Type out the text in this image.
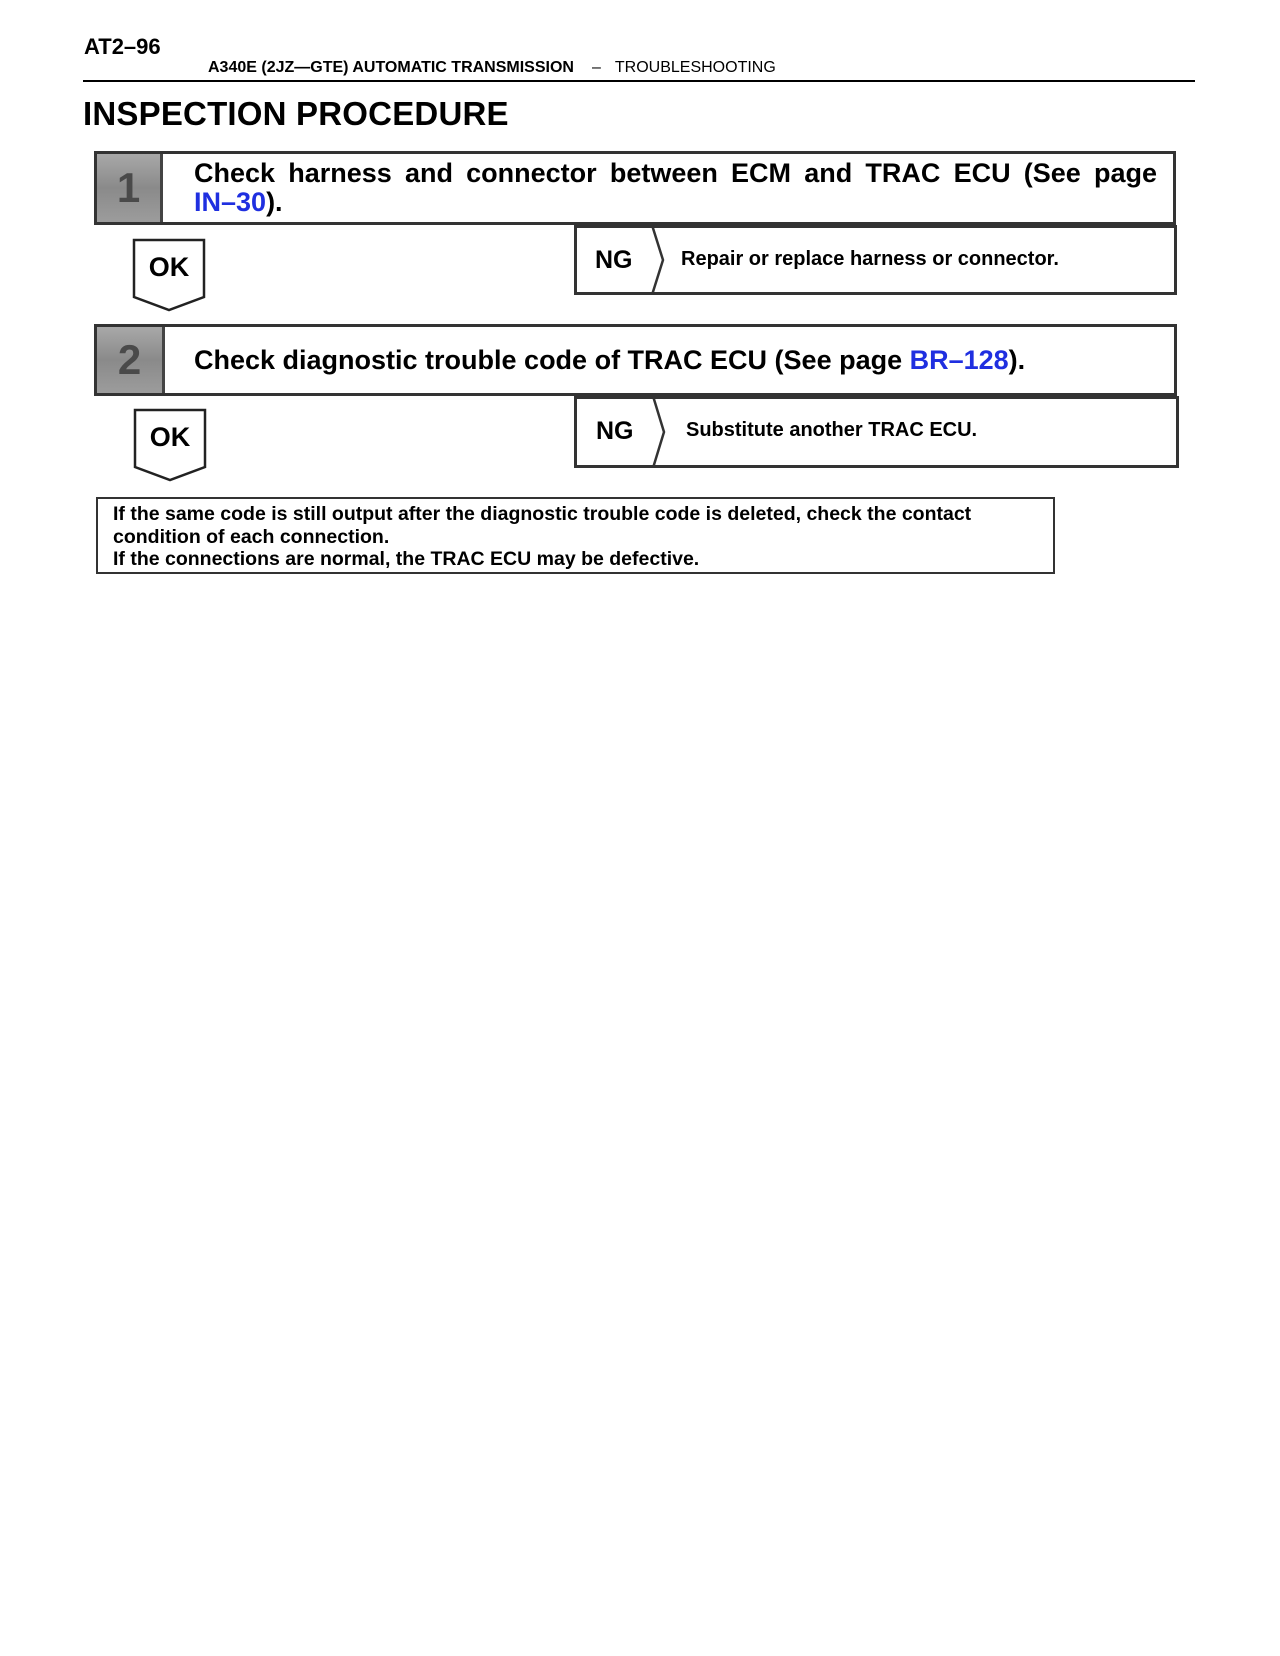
AT2–96
A340E (2JZ—GTE) AUTOMATIC TRANSMISSION – TROUBLESHOOTING
INSPECTION PROCEDURE
1	Check harness and connector between ECM and TRAC ECU (See page
IN–30).
OK	NG Repair or replace harness or connector.
2	Check diagnostic trouble code of TRAC ECU (See page BR–128).
OK	NG	Substitute another TRAC ECU.
If the same code is still output after the diagnostic trouble code is deleted, check the contact
condition of each connection.
If the connections are normal, the TRAC ECU may be defective.
